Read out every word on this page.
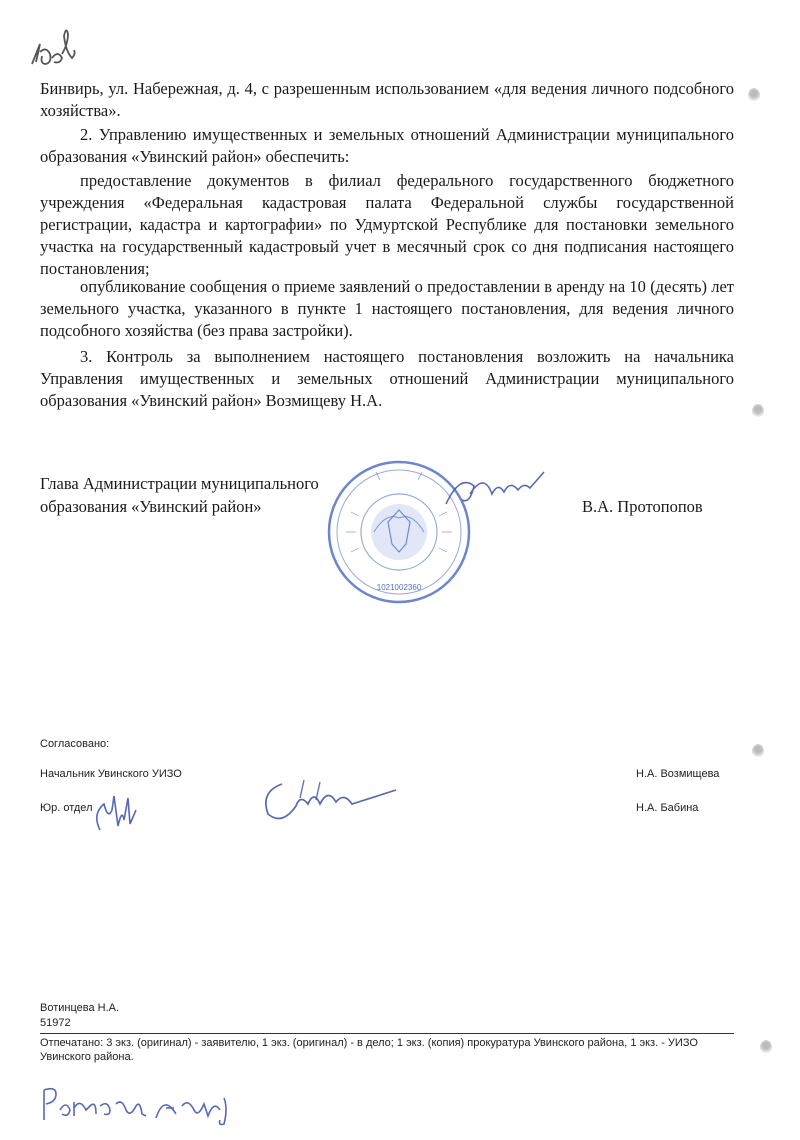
Бинвирь, ул. Набережная, д. 4, с разрешенным использованием «для ведения личного подсобного хозяйства».

2. Управлению имущественных и земельных отношений Администрации муниципального образования «Увинский район» обеспечить:

предоставление документов в филиал федерального государственного бюджетного учреждения «Федеральная кадастровая палата Федеральной службы государственной регистрации, кадастра и картографии» по Удмуртской Республике для постановки земельного участка на государственный кадастровый учет в месячный срок со дня подписания настоящего постановления;

опубликование сообщения о приеме заявлений о предоставлении в аренду на 10 (десять) лет земельного участка, указанного в пункте 1 настоящего постановления, для ведения личного подсобного хозяйства (без права застройки).

3. Контроль за выполнением настоящего постановления возложить на начальника Управления имущественных и земельных отношений Администрации муниципального образования «Увинский район» Возмищеву Н.А.

Глава Администрации муниципального
образования «Увинский район»	В.А. Протопопов
1021002360
Согласовано:
Начальник Увинского УИЗО	Н.А. Возмищева
Юр. отдел	Н.А. Бабина
Вотинцева Н.А.
51972
Отпечатано: 3 экз. (оригинал) - заявителю, 1 экз. (оригинал) - в дело; 1 экз. (копия) прокуратура Увинского района, 1 экз. - УИЗО Увинского района.
